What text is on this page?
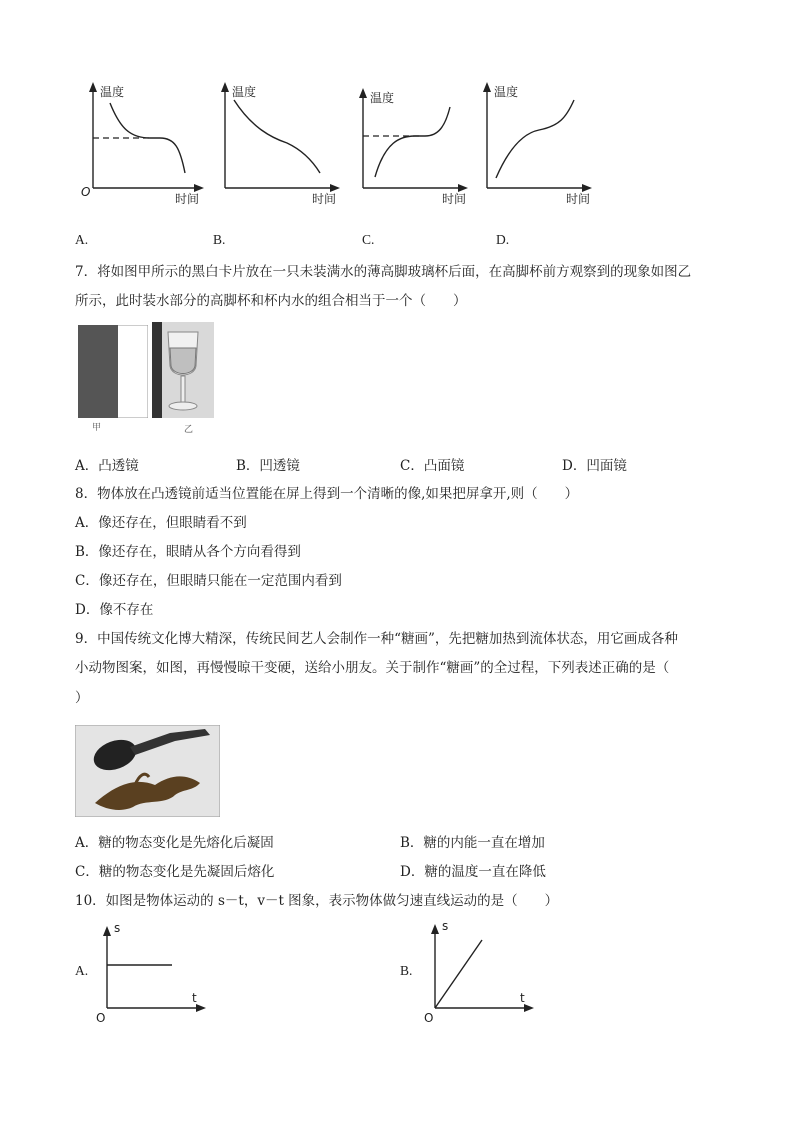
温度
时间
O
温度
时间
温度
时间
温度
时间
A.	B.	C.	D.
7．将如图甲所示的黑白卡片放在一只未装满水的薄高脚玻璃杯后面，在高脚杯前方观察到的现象如图乙
所示，此时装水部分的高脚杯和杯内水的组合相当于一个（　　）
甲	乙
A．凸透镜	B．凹透镜	C．凸面镜	D．凹面镜
8．物体放在凸透镜前适当位置能在屏上得到一个清晰的像,如果把屏拿开,则（　　）
A．像还存在，但眼睛看不到
B．像还存在，眼睛从各个方向看得到
C．像还存在，但眼睛只能在一定范围内看到
D．像不存在
9．中国传统文化博大精深，传统民间艺人会制作一种“糖画”，先把糖加热到流体状态，用它画成各种
小动物图案，如图，再慢慢晾干变硬，送给小朋友。关于制作“糖画”的全过程，下列表述正确的是（
）
A．糖的物态变化是先熔化后凝固	B．糖的内能一直在增加
C．糖的物态变化是先凝固后熔化	D．糖的温度一直在降低
10．如图是物体运动的 s－t，v－t 图象，表示物体做匀速直线运动的是（　　）
A.
s
t
O
B.
s
t
O
